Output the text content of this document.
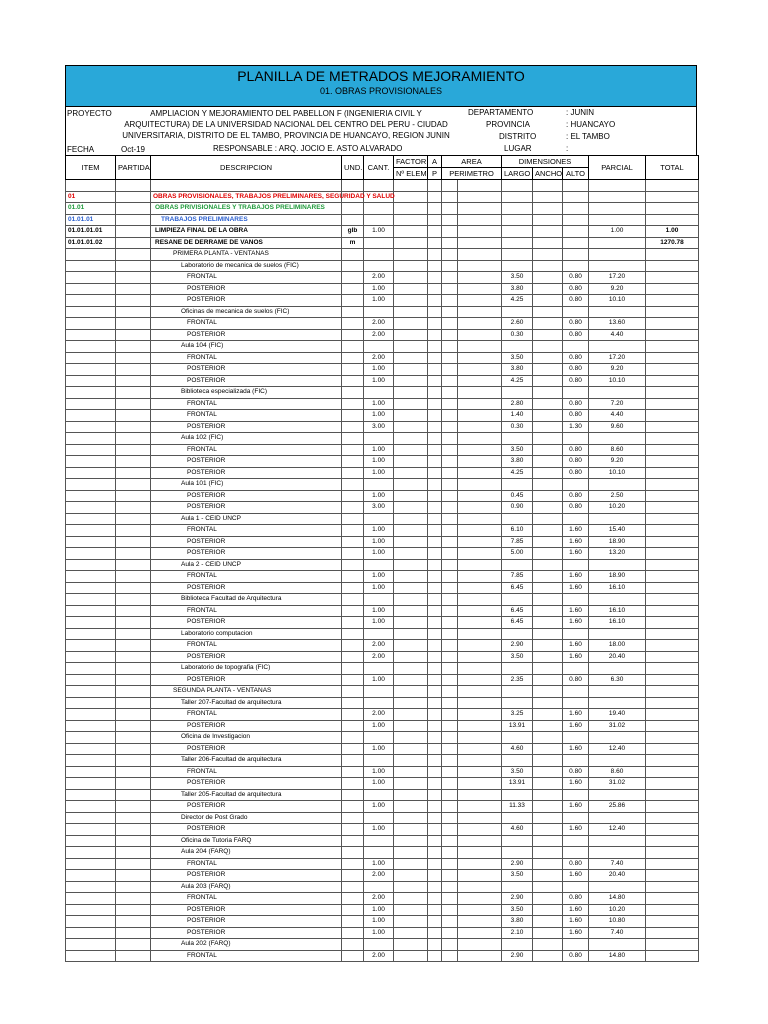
PLANILLA DE METRADOS MEJORAMIENTO
01. OBRAS PROVISIONALES
PROYECTO	AMPLIACION Y MEJORAMIENTO DEL PABELLON F (INGENIERIA CIVIL Y ARQUITECTURA) DE LA UNIVERSIDAD NACIONAL DEL CENTRO DEL PERU - CIUDAD UNIVERSITARIA, DISTRITO DE EL TAMBO, PROVINCIA DE HUANCAYO, REGION JUNIN
FECHA	Oct-19	RESPONSABLE : ARQ. JOCIO E. ASTO ALVARADO
DEPARTAMENTO	: JUNIN
PROVINCIA	: HUANCAYO
DISTRITO	: EL TAMBO
LUGAR	:
ITEM	PARTIDA	DESCRIPCION	UND.	CANT.	FACTOR	A	AREA		DIMENSIONES			PARCIAL	TOTAL
					Nº ELEM.	P	PERIMETRO		LARGO	ANCHO	ALTO		

01		OBRAS PROVISIONALES, TRABAJOS PRELIMINARES, SEGURIDAD Y SALUD											
01.01		OBRAS PRIVISIONALES Y TRABAJOS PRELIMINARES											
01.01.01		TRABAJOS PRELIMINARES											
01.01.01.01		LIMPIEZA FINAL DE LA OBRA	glb	1.00								1.00	1.00
01.01.01.02		RESANE DE DERRAME DE VANOS	m										1270.78
		PRIMERA PLANTA - VENTANAS											
		Laboratorio de mecanica de suelos (FIC)											
		FRONTAL		2.00					3.50		0.80	17.20	
		POSTERIOR		1.00					3.80		0.80	9.20	
		POSTERIOR		1.00					4.25		0.80	10.10	
		Oficinas de mecanica de suelos (FIC)											
		FRONTAL		2.00					2.60		0.80	13.60	
		POSTERIOR		2.00					0.30		0.80	4.40	
		Aula 104 (FIC)											
		FRONTAL		2.00					3.50		0.80	17.20	
		POSTERIOR		1.00					3.80		0.80	9.20	
		POSTERIOR		1.00					4.25		0.80	10.10	
		Biblioteca especializada (FIC)											
		FRONTAL		1.00					2.80		0.80	7.20	
		FRONTAL		1.00					1.40		0.80	4.40	
		POSTERIOR		3.00					0.30		1.30	9.60	
		Aula 102 (FIC)											
		FRONTAL		1.00					3.50		0.80	8.60	
		POSTERIOR		1.00					3.80		0.80	9.20	
		POSTERIOR		1.00					4.25		0.80	10.10	
		Aula 101 (FIC)											
		POSTERIOR		1.00					0.45		0.80	2.50	
		POSTERIOR		3.00					0.90		0.80	10.20	
		Aula 1 - CEID UNCP											
		FRONTAL		1.00					6.10		1.60	15.40	
		POSTERIOR		1.00					7.85		1.60	18.90	
		POSTERIOR		1.00					5.00		1.60	13.20	
		Aula 2 - CEID UNCP											
		FRONTAL		1.00					7.85		1.60	18.90	
		POSTERIOR		1.00					6.45		1.60	16.10	
		Biblioteca Facultad de Arquitectura											
		FRONTAL		1.00					6.45		1.60	16.10	
		POSTERIOR		1.00					6.45		1.60	16.10	
		Laboratorio computacion											
		FRONTAL		2.00					2.90		1.60	18.00	
		POSTERIOR		2.00					3.50		1.60	20.40	
		Laboratorio de topografia (FIC)											
		POSTERIOR		1.00					2.35		0.80	6.30	
		SEGUNDA PLANTA - VENTANAS											
		Taller 207-Facultad de arquitectura											
		FRONTAL		2.00					3.25		1.60	19.40	
		POSTERIOR		1.00					13.91		1.60	31.02	
		Oficina de Investigacion											
		POSTERIOR		1.00					4.60		1.60	12.40	
		Taller 206-Facultad de arquitectura											
		FRONTAL		1.00					3.50		0.80	8.60	
		POSTERIOR		1.00					13.91		1.60	31.02	
		Taller 205-Facultad de arquitectura											
		POSTERIOR		1.00					11.33		1.60	25.86	
		Director de Post Grado											
		POSTERIOR		1.00					4.60		1.60	12.40	
		Oficina de Tutoria FARQ											
		Aula 204 (FARQ)											
		FRONTAL		1.00					2.90		0.80	7.40	
		POSTERIOR		2.00					3.50		1.60	20.40	
		Aula 203 (FARQ)											
		FRONTAL		2.00					2.90		0.80	14.80	
		POSTERIOR		1.00					3.50		1.60	10.20	
		POSTERIOR		1.00					3.80		1.60	10.80	
		POSTERIOR		1.00					2.10		1.60	7.40	
		Aula 202 (FARQ)											
		FRONTAL		2.00					2.90		0.80	14.80	
